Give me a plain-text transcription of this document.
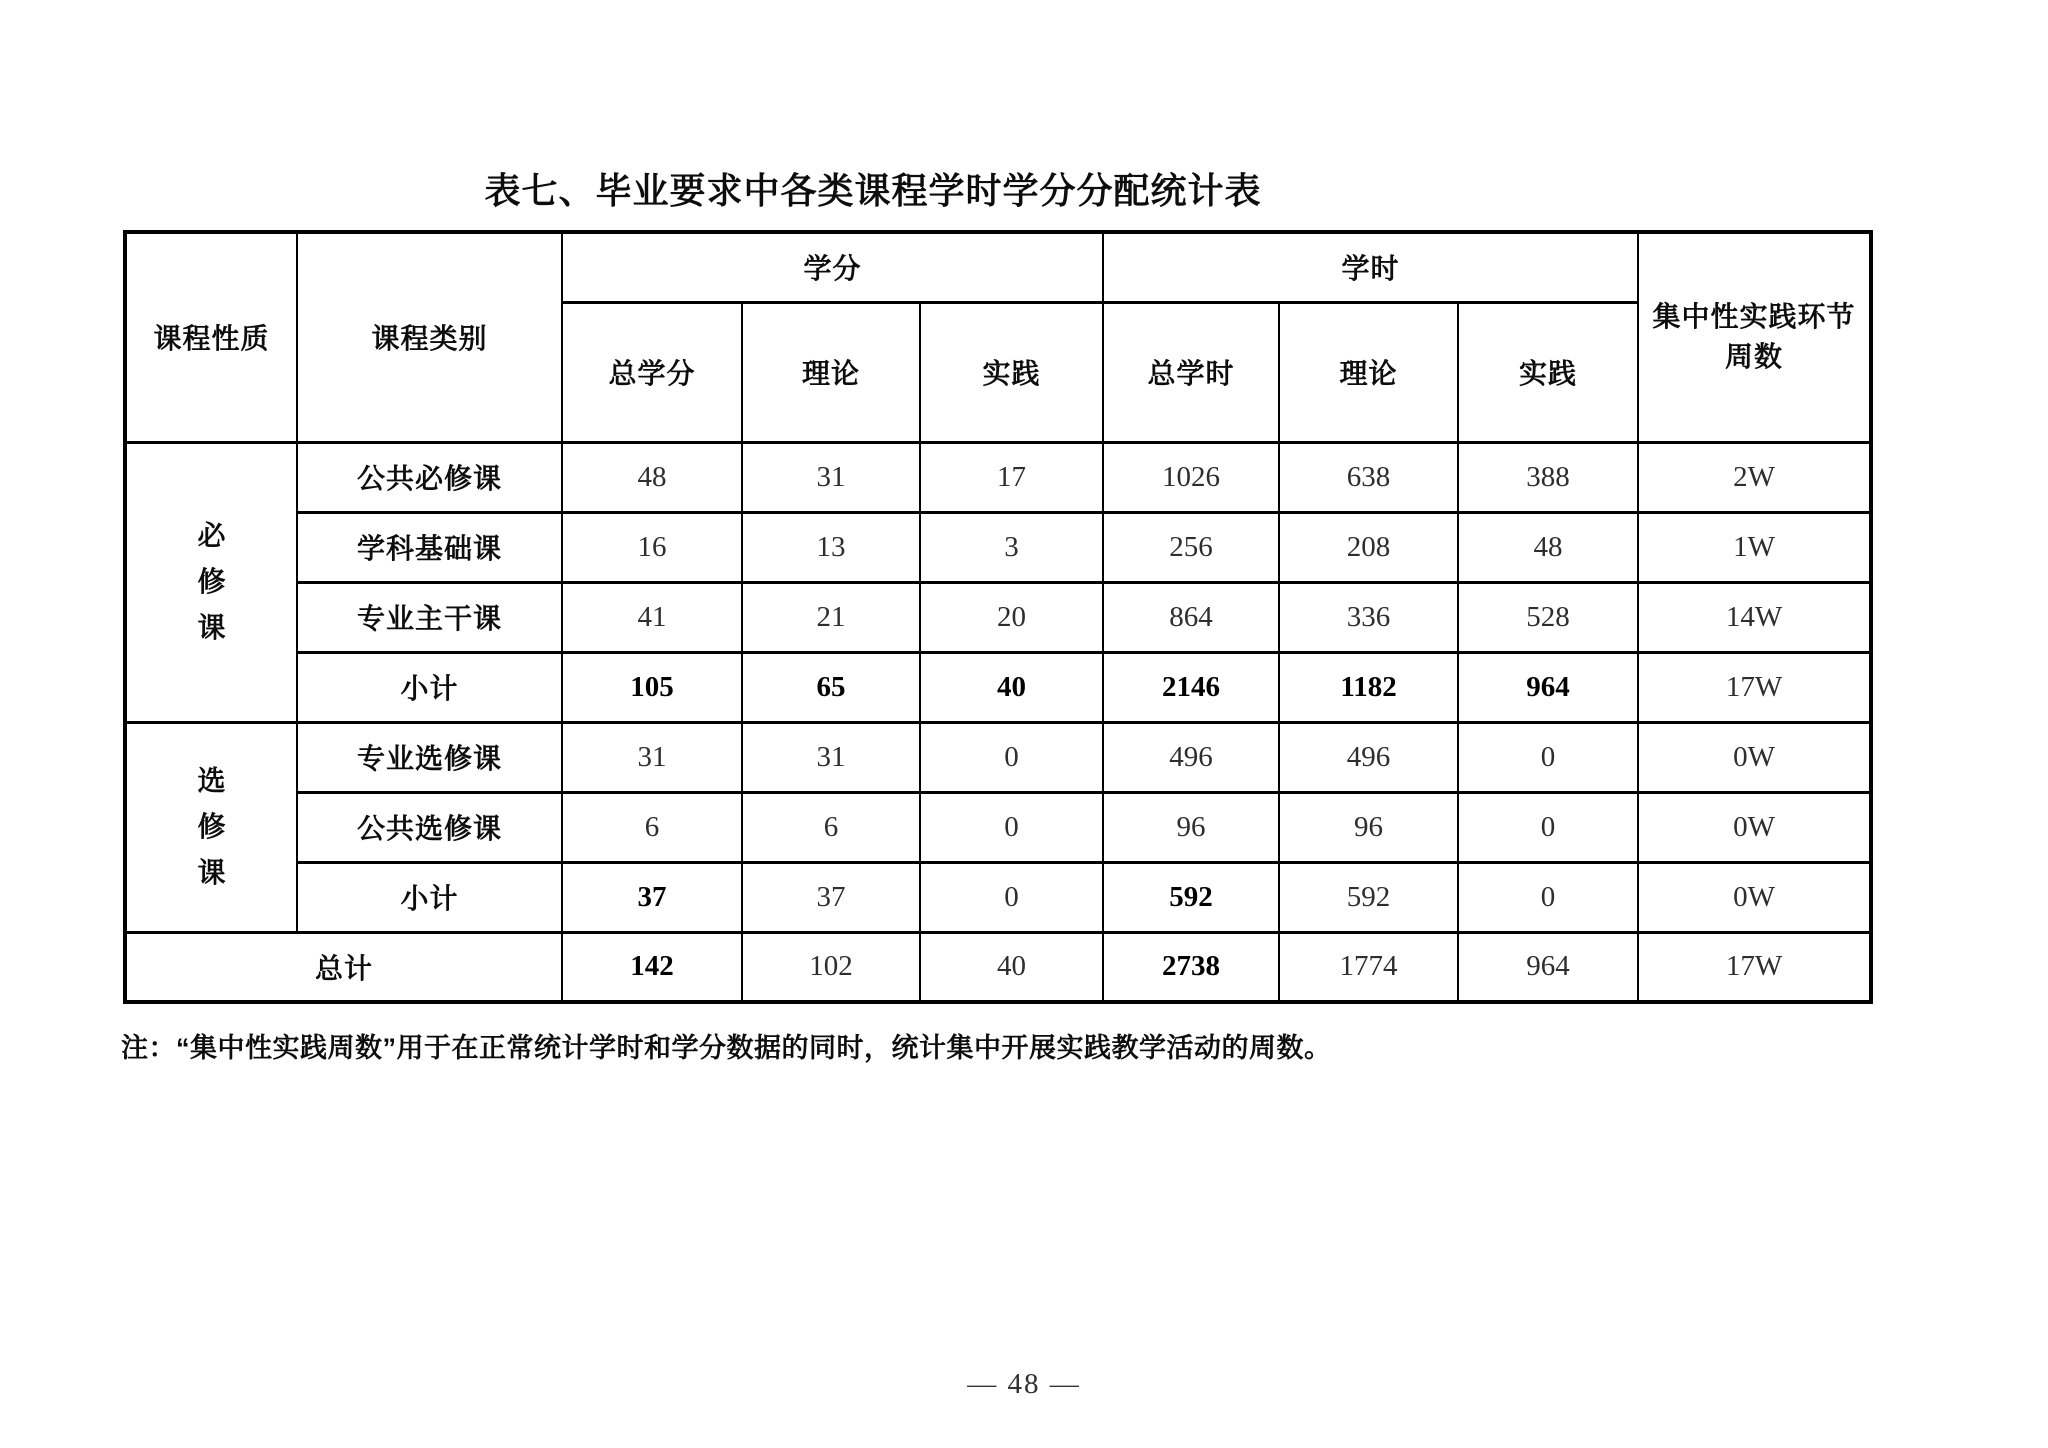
表七、毕业要求中各类课程学时学分分配统计表
课程性质	课程类别	学分			学时			集中性实践环节周数
		总学分	理论	实践	总学时	理论	实践	
必修课	公共必修课	48	31	17	1026	638	388	2W
	学科基础课	16	13	3	256	208	48	1W
	专业主干课	41	21	20	864	336	528	14W
	小计	105	65	40	2146	1182	964	17W
选修课	专业选修课	31	31	0	496	496	0	0W
	公共选修课	6	6	0	96	96	0	0W
	小计	37	37	0	592	592	0	0W
总计		142	102	40	2738	1774	964	17W
注：“集中性实践周数”用于在正常统计学时和学分数据的同时，统计集中开展实践教学活动的周数。
— 48 —
